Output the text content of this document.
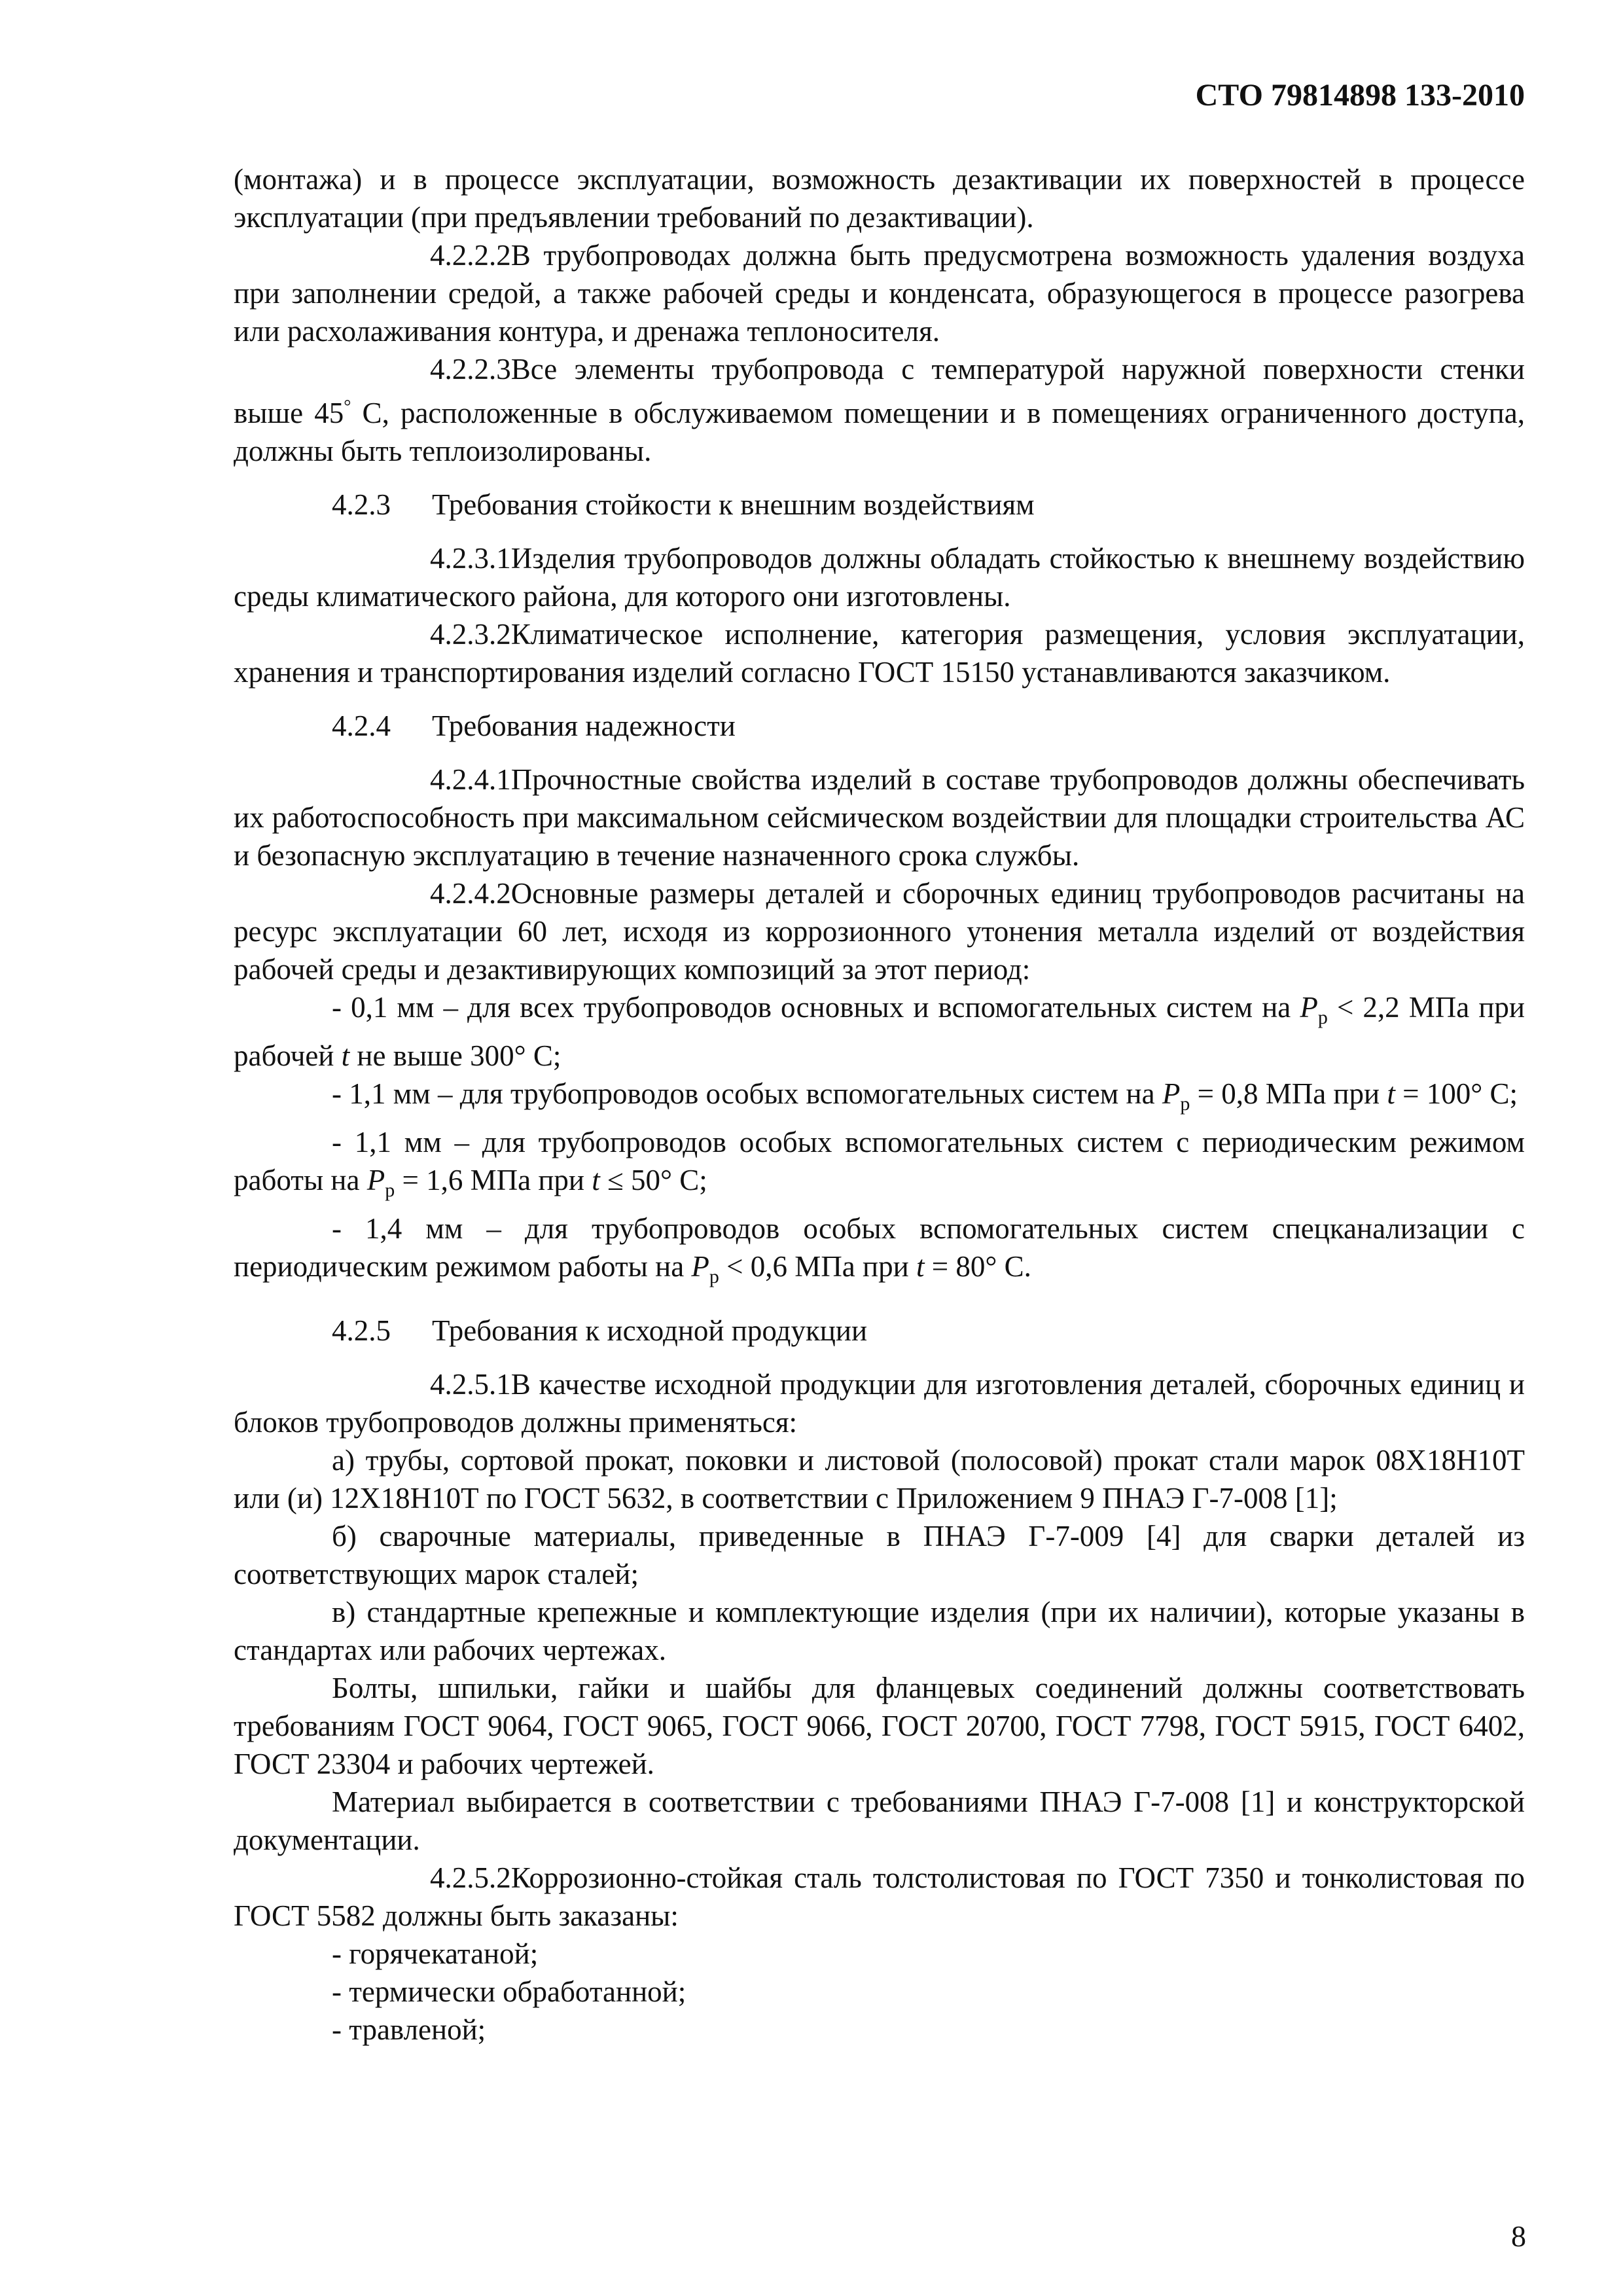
СТО 79814898 133-2010

(монтажа) и в процессе эксплуатации, возможность дезактивации их поверхностей в процессе эксплуатации (при предъявлении требований по дезактивации).

4.2.2.2В трубопроводах должна быть предусмотрена возможность удаления воздуха при заполнении средой, а также рабочей среды и конденсата, образующегося в процессе разогрева или расхолаживания контура, и дренажа теплоносителя.

4.2.2.3Все элементы трубопровода с температурой наружной поверхности стенки выше 45° С, расположенные в обслуживаемом помещении и в помещениях ограниченного доступа, должны быть теплоизолированы.

4.2.3 Требования стойкости к внешним воздействиям

4.2.3.1Изделия трубопроводов должны обладать стойкостью к внешнему воздействию среды климатического района, для которого они изготовлены.

4.2.3.2Климатическое исполнение, категория размещения, условия эксплуатации, хранения и транспортирования изделий согласно ГОСТ 15150 устанавливаются заказчиком.

4.2.4 Требования надежности

4.2.4.1Прочностные свойства изделий в составе трубопроводов должны обеспечивать их работоспособность при максимальном сейсмическом воздействии для площадки строительства АС и безопасную эксплуатацию в течение назначенного срока службы.

4.2.4.2Основные размеры деталей и сборочных единиц трубопроводов расчитаны на ресурс эксплуатации 60 лет, исходя из коррозионного утонения металла изделий от воздействия рабочей среды и дезактивирующих композиций за этот период:

- 0,1 мм – для всех трубопроводов основных и вспомогательных систем на $P_р < 2,2$ МПа при рабочей t не выше 300° С;

- 1,1 мм – для трубопроводов особых вспомогательных систем на $P_р = 0,8$ МПа при t = 100° С;

- 1,1 мм – для трубопроводов особых вспомогательных систем с периодическим режимом работы на $P_р = 1,6$ МПа при t ≤ 50° С;

- 1,4 мм – для трубопроводов особых вспомогательных систем спецканализации с периодическим режимом работы на $P_р < 0,6$ МПа при t = 80° С.

4.2.5 Требования к исходной продукции

4.2.5.1В качестве исходной продукции для изготовления деталей, сборочных единиц и блоков трубопроводов должны применяться:

а) трубы, сортовой прокат, поковки и листовой (полосовой) прокат стали марок 08Х18Н10Т или (и) 12Х18Н10Т по ГОСТ 5632, в соответствии с Приложением 9 ПНАЭ Г-7-008 [1];

б) сварочные материалы, приведенные в ПНАЭ Г-7-009 [4] для сварки деталей из соответствующих марок сталей;

в) стандартные крепежные и комплектующие изделия (при их наличии), которые указаны в стандартах или рабочих чертежах.

Болты, шпильки, гайки и шайбы для фланцевых соединений должны соответствовать требованиям ГОСТ 9064, ГОСТ 9065, ГОСТ 9066, ГОСТ 20700, ГОСТ 7798, ГОСТ 5915, ГОСТ 6402, ГОСТ 23304 и рабочих чертежей.

Материал выбирается в соответствии с требованиями ПНАЭ Г-7-008 [1] и конструкторской документации.

4.2.5.2Коррозионно-стойкая сталь толстолистовая по ГОСТ 7350 и тонколистовая по ГОСТ 5582 должны быть заказаны:

- горячекатаной;

- термически обработанной;

- травленой;

8
